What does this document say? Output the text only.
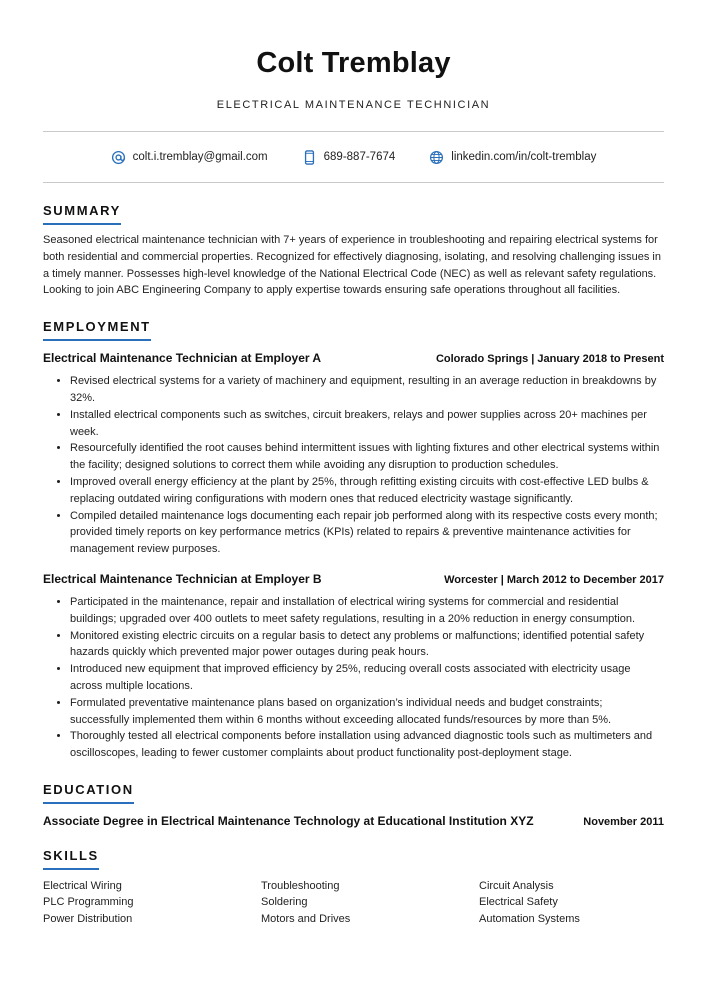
Colt Tremblay
ELECTRICAL MAINTENANCE TECHNICIAN
colt.i.tremblay@gmail.com	689-887-7674	linkedin.com/in/colt-tremblay
SUMMARY
Seasoned electrical maintenance technician with 7+ years of experience in troubleshooting and repairing electrical systems for both residential and commercial properties. Recognized for effectively diagnosing, isolating, and resolving challenging issues in a timely manner. Possesses high-level knowledge of the National Electrical Code (NEC) as well as relevant safety regulations. Looking to join ABC Engineering Company to apply expertise towards ensuring safe operations throughout all facilities.
EMPLOYMENT
Electrical Maintenance Technician at Employer A	Colorado Springs | January 2018 to Present
• Revised electrical systems for a variety of machinery and equipment, resulting in an average reduction in breakdowns by 32%.
• Installed electrical components such as switches, circuit breakers, relays and power supplies across 20+ machines per week.
• Resourcefully identified the root causes behind intermittent issues with lighting fixtures and other electrical systems within the facility; designed solutions to correct them while avoiding any disruption to production schedules.
• Improved overall energy efficiency at the plant by 25%, through refitting existing circuits with cost-effective LED bulbs & replacing outdated wiring configurations with modern ones that reduced electricity wastage significantly.
• Compiled detailed maintenance logs documenting each repair job performed along with its respective costs every month; provided timely reports on key performance metrics (KPIs) related to repairs & preventive maintenance activities for management review purposes.
Electrical Maintenance Technician at Employer B	Worcester | March 2012 to December 2017
• Participated in the maintenance, repair and installation of electrical wiring systems for commercial and residential buildings; upgraded over 400 outlets to meet safety regulations, resulting in a 20% reduction in energy consumption.
• Monitored existing electric circuits on a regular basis to detect any problems or malfunctions; identified potential safety hazards quickly which prevented major power outages during peak hours.
• Introduced new equipment that improved efficiency by 25%, reducing overall costs associated with electricity usage across multiple locations.
• Formulated preventative maintenance plans based on organization’s individual needs and budget constraints; successfully implemented them within 6 months without exceeding allocated funds/resources by more than 5%.
• Thoroughly tested all electrical components before installation using advanced diagnostic tools such as multimeters and oscilloscopes, leading to fewer customer complaints about product functionality post-deployment stage.
EDUCATION
Associate Degree in Electrical Maintenance Technology at Educational Institution XYZ	November 2011
SKILLS
Electrical Wiring	Troubleshooting	Circuit Analysis
PLC Programming	Soldering	Electrical Safety
Power Distribution	Motors and Drives	Automation Systems
